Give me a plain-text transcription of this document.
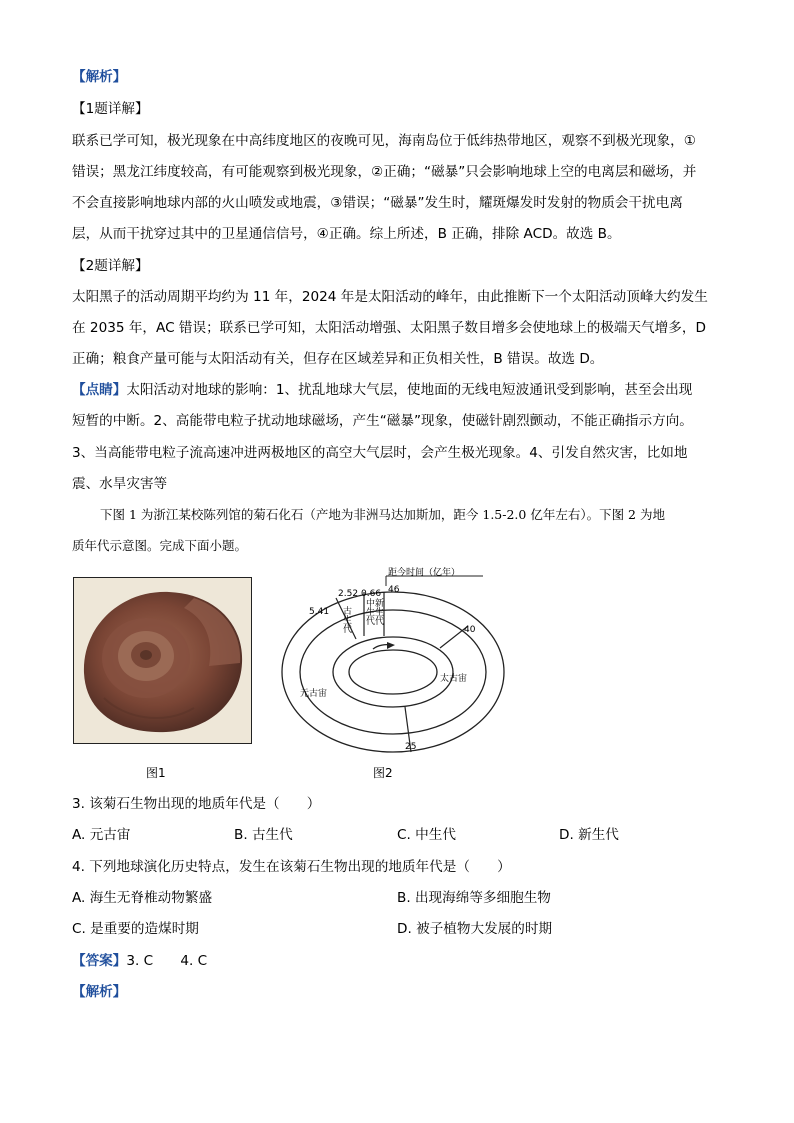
【解析】
【1题详解】
联系已学可知，极光现象在中高纬度地区的夜晚可见，海南岛位于低纬热带地区，观察不到极光现象，①
错误；黑龙江纬度较高，有可能观察到极光现象，②正确；“磁暴”只会影响地球上空的电离层和磁场，并
不会直接影响地球内部的火山喷发或地震，③错误；“磁暴”发生时，耀斑爆发时发射的物质会干扰电离
层，从而干扰穿过其中的卫星通信信号，④正确。综上所述，B 正确，排除 ACD。故选 B。
【2题详解】
太阳黑子的活动周期平均约为 11 年，2024 年是太阳活动的峰年，由此推断下一个太阳活动顶峰大约发生
在 2035 年，AC 错误；联系已学可知，太阳活动增强、太阳黑子数目增多会使地球上的极端天气增多，D
正确；粮食产量可能与太阳活动有关，但存在区域差异和正负相关性，B 错误。故选 D。
【点睛】太阳活动对地球的影响：1、扰乱地球大气层，使地面的无线电短波通讯受到影响，甚至会出现
短暂的中断。2、高能带电粒子扰动地球磁场，产生“磁暴”现象，使磁针剧烈颤动，不能正确指示方向。
3、当高能带电粒子流高速冲进两极地区的高空大气层时，会产生极光现象。4、引发自然灾害，比如地
震、水旱灾害等
下图 1 为浙江某校陈列馆的菊石化石（产地为非洲马达加斯加，距今 1.5-2.0 亿年左右）。下图 2 为地
质年代示意图。完成下面小题。
图1
距今时间（亿年）
46
40
25
5.41
2.52 0.66
古生代 中生代 新生代
元古宙
太古宙
图2
3. 该菊石生物出现的地质年代是（　　）
A. 元古宙	B. 古生代	C. 中生代	D. 新生代
4. 下列地球演化历史特点，发生在该菊石生物出现的地质年代是（　　）
A. 海生无脊椎动物繁盛	B. 出现海绵等多细胞生物
C. 是重要的造煤时期	D. 被子植物大发展的时期
【答案】3. C　　4. C
【解析】
